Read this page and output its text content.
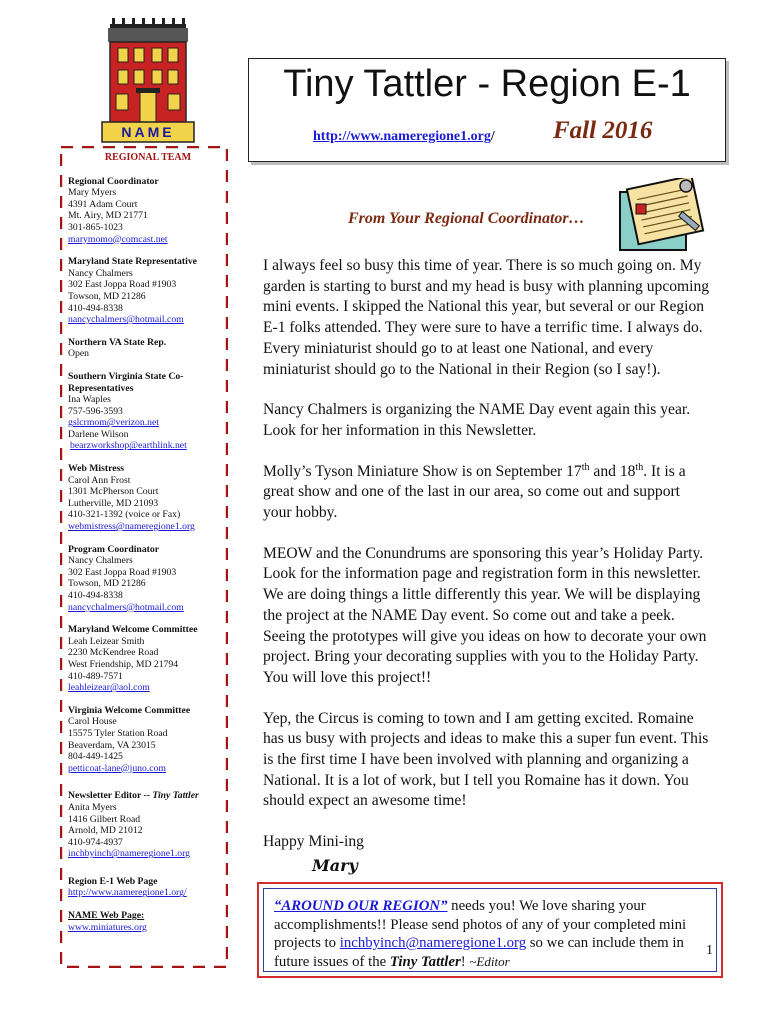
NAME
Tiny Tattler - Region E-1
http://www.nameregione1.org/ Fall 2016
REGIONAL TEAM
Regional Coordinator
Mary Myers
4391 Adam Court
Mt. Airy, MD 21771
301-865-1023
marymomo@comcast.net
Maryland State Representative
Nancy Chalmers
302 East Joppa Road #1903
Towson, MD 21286
410-494-8338
nancychalmers@hotmail.com
Northern VA State Rep.
Open
Southern Virginia State Co-Representatives
Ina Waples
757-596-3593
gslcrmom@verizon.net
Darlene Wilson
bearzworkshop@earthlink.net
Web Mistress
Carol Ann Frost
1301 McPherson Court
Lutherville, MD 21093
410-321-1392 (voice or Fax)
webmistress@nameregione1.org
Program Coordinator
Nancy Chalmers
302 East Joppa Road #1903
Towson, MD 21286
410-494-8338
nancychalmers@hotmail.com
Maryland Welcome Committee
Leah Leizear Smith
2230 McKendree Road
West Friendship, MD 21794
410-489-7571
leahleizear@aol.com
Virginia Welcome Committee
Carol House
15575 Tyler Station Road
Beaverdam, VA 23015
804-449-1425
petticoat-lane@juno.com
Newsletter Editor -- Tiny Tattler
Anita Myers
1416 Gilbert Road
Arnold, MD 21012
410-974-4937
inchbyinch@nameregione1.org
Region E-1 Web Page
http://www.nameregione1.org/
NAME Web Page:
www.miniatures.org
From Your Regional Coordinator…

I always feel so busy this time of year. There is so much going on. My garden is starting to burst and my head is busy with planning upcoming mini events. I skipped the National this year, but several or our Region E-1 folks attended. They were sure to have a terrific time. I always do. Every miniaturist should go to at least one National, and every miniaturist should go to the National in their Region (so I say!).

Nancy Chalmers is organizing the NAME Day event again this year. Look for her information in this Newsletter.

Molly’s Tyson Miniature Show is on September 17th and 18th. It is a great show and one of the last in our area, so come out and support your hobby.

MEOW and the Conundrums are sponsoring this year’s Holiday Party. Look for the information page and registration form in this newsletter. We are doing things a little differently this year. We will be displaying the project at the NAME Day event. So come out and take a peek. Seeing the prototypes will give you ideas on how to decorate your own project. Bring your decorating supplies with you to the Holiday Party. You will love this project!!

Yep, the Circus is coming to town and I am getting excited. Romaine has us busy with projects and ideas to make this a super fun event. This is the first time I have been involved with planning and organizing a National. It is a lot of work, but I tell you Romaine has it down. You should expect an awesome time!

Happy Mini-ing

Mary
“AROUND OUR REGION” needs you! We love sharing your accomplishments!! Please send photos of any of your completed mini projects to inchbyinch@nameregione1.org so we can include them in future issues of the Tiny Tattler! ~Editor
1
